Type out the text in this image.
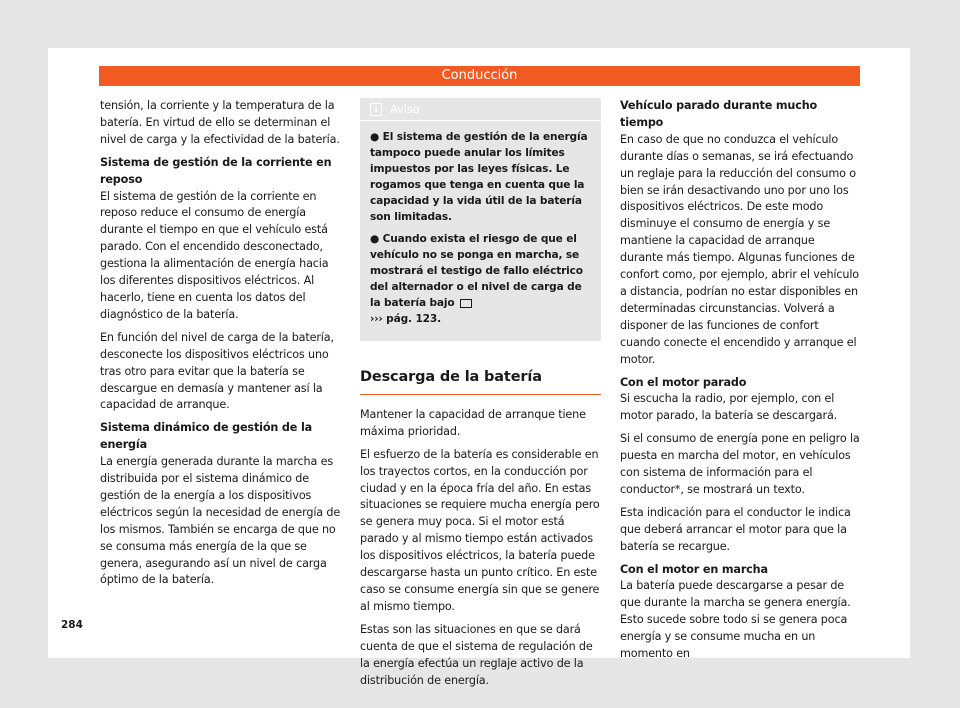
Conducción

tensión, la corriente y la temperatura de la batería. En virtud de ello se determinan el nivel de carga y la efectividad de la batería.

Sistema de gestión de la corriente en reposo

El sistema de gestión de la corriente en reposo reduce el consumo de energía durante el tiempo en que el vehículo está parado. Con el encendido desconectado, gestiona la alimentación de energía hacia los diferentes dispositivos eléctricos. Al hacerlo, tiene en cuenta los datos del diagnóstico de la batería.

En función del nivel de carga de la batería, desconecte los dispositivos eléctricos uno tras otro para evitar que la batería se descargue en demasía y mantener así la capacidad de arranque.

Sistema dinámico de gestión de la energía

La energía generada durante la marcha es distribuida por el sistema dinámico de gestión de la energía a los dispositivos eléctricos según la necesidad de energía de los mismos. También se encarga de que no se consuma más energía de la que se genera, asegurando así un nivel de carga óptimo de la batería.

i	Aviso

● El sistema de gestión de la energía tampoco puede anular los límites impuestos por las leyes físicas. Le rogamos que tenga en cuenta que la capacidad y la vida útil de la batería son limitadas.

● Cuando exista el riesgo de que el vehículo no se ponga en marcha, se mostrará el testigo de fallo eléctrico del alternador o el nivel de carga de la batería bajo
››› pág. 123.

Descarga de la batería

Mantener la capacidad de arranque tiene máxima prioridad.

El esfuerzo de la batería es considerable en los trayectos cortos, en la conducción por ciudad y en la época fría del año. En estas situaciones se requiere mucha energía pero se genera muy poca. Si el motor está parado y al mismo tiempo están activados los dispositivos eléctricos, la batería puede descargarse hasta un punto crítico. En este caso se consume energía sin que se genere al mismo tiempo.

Estas son las situaciones en que se dará cuenta de que el sistema de regulación de la energía efectúa un reglaje activo de la distribución de energía.

Vehículo parado durante mucho tiempo

En caso de que no conduzca el vehículo durante días o semanas, se irá efectuando un reglaje para la reducción del consumo o bien se irán desactivando uno por uno los dispositivos eléctricos. De este modo disminuye el consumo de energía y se mantiene la capacidad de arranque durante más tiempo. Algunas funciones de confort como, por ejemplo, abrir el vehículo a distancia, podrían no estar disponibles en determinadas circunstancias. Volverá a disponer de las funciones de confort cuando conecte el encendido y arranque el motor.

Con el motor parado

Si escucha la radio, por ejemplo, con el motor parado, la batería se descargará.

Si el consumo de energía pone en peligro la puesta en marcha del motor, en vehículos con sistema de información para el conductor*, se mostrará un texto.

Esta indicación para el conductor le indica que deberá arrancar el motor para que la batería se recargue.

Con el motor en marcha

La batería puede descargarse a pesar de que durante la marcha se genera energía. Esto sucede sobre todo si se genera poca energía y se consume mucha en un momento en

284
